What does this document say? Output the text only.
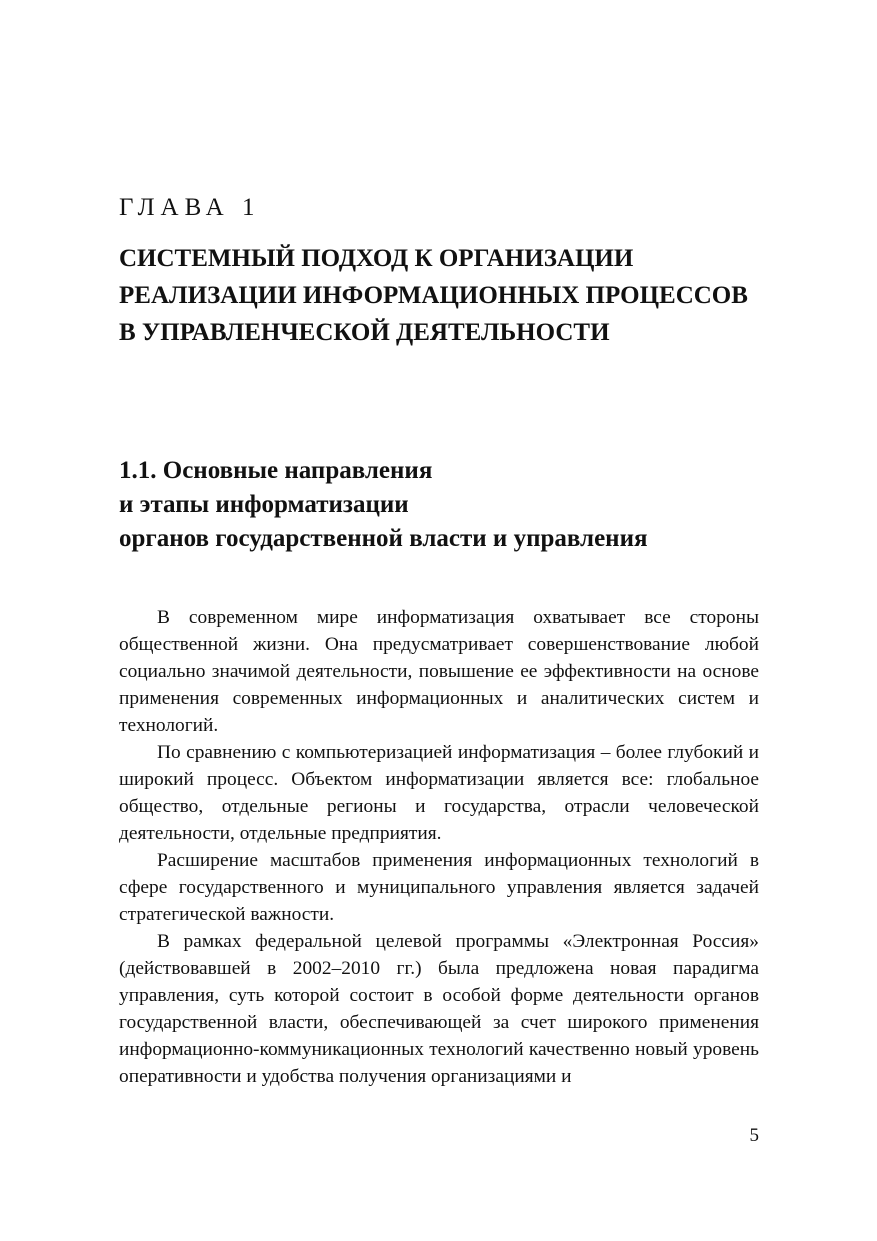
ГЛАВА 1
СИСТЕМНЫЙ ПОДХОД К ОРГАНИЗАЦИИ
РЕАЛИЗАЦИИ ИНФОРМАЦИОННЫХ ПРОЦЕССОВ
В УПРАВЛЕНЧЕСКОЙ ДЕЯТЕЛЬНОСТИ
1.1. Основные направления
и этапы информатизации
органов государственной власти и управления

В современном мире информатизация охватывает все стороны общественной жизни. Она предусматривает совершенствование любой социально значимой деятельности, повышение ее эффективности на основе применения современных информационных и аналитических систем и технологий.

По сравнению с компьютеризацией информатизация – более глубокий и широкий процесс. Объектом информатизации является все: глобальное общество, отдельные регионы и государства, отрасли человеческой деятельности, отдельные предприятия.

Расширение масштабов применения информационных технологий в сфере государственного и муниципального управления является задачей стратегической важности.

В рамках федеральной целевой программы «Электронная Россия» (действовавшей в 2002–2010 гг.) была предложена новая парадигма управления, суть которой состоит в особой форме деятельности органов государственной власти, обеспечивающей за счет широкого применения информационно-коммуникационных технологий качественно новый уровень оперативности и удобства получения организациями и

5
